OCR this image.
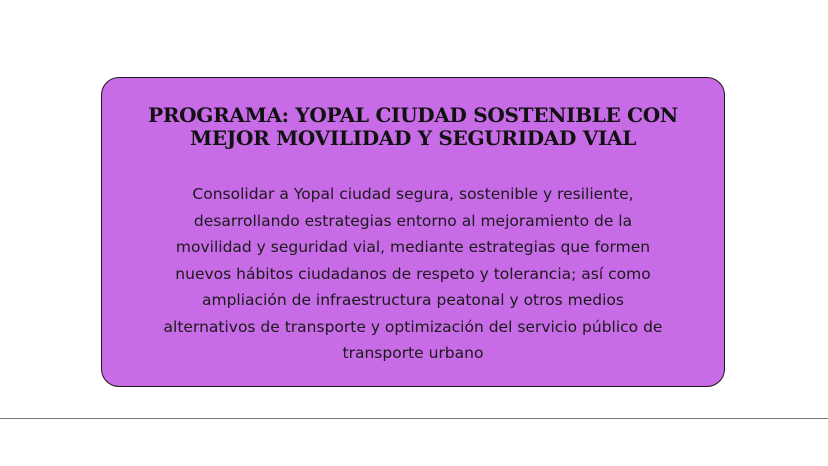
PROGRAMA: YOPAL CIUDAD SOSTENIBLE CON
MEJOR MOVILIDAD Y SEGURIDAD VIAL

Consolidar a Yopal ciudad segura, sostenible y resiliente,
desarrollando estrategias entorno al mejoramiento de la
movilidad y seguridad vial, mediante estrategias que formen
nuevos hábitos ciudadanos de respeto y tolerancia; así como
ampliación de infraestructura peatonal y otros medios
alternativos de transporte y optimización del servicio público de
transporte urbano
